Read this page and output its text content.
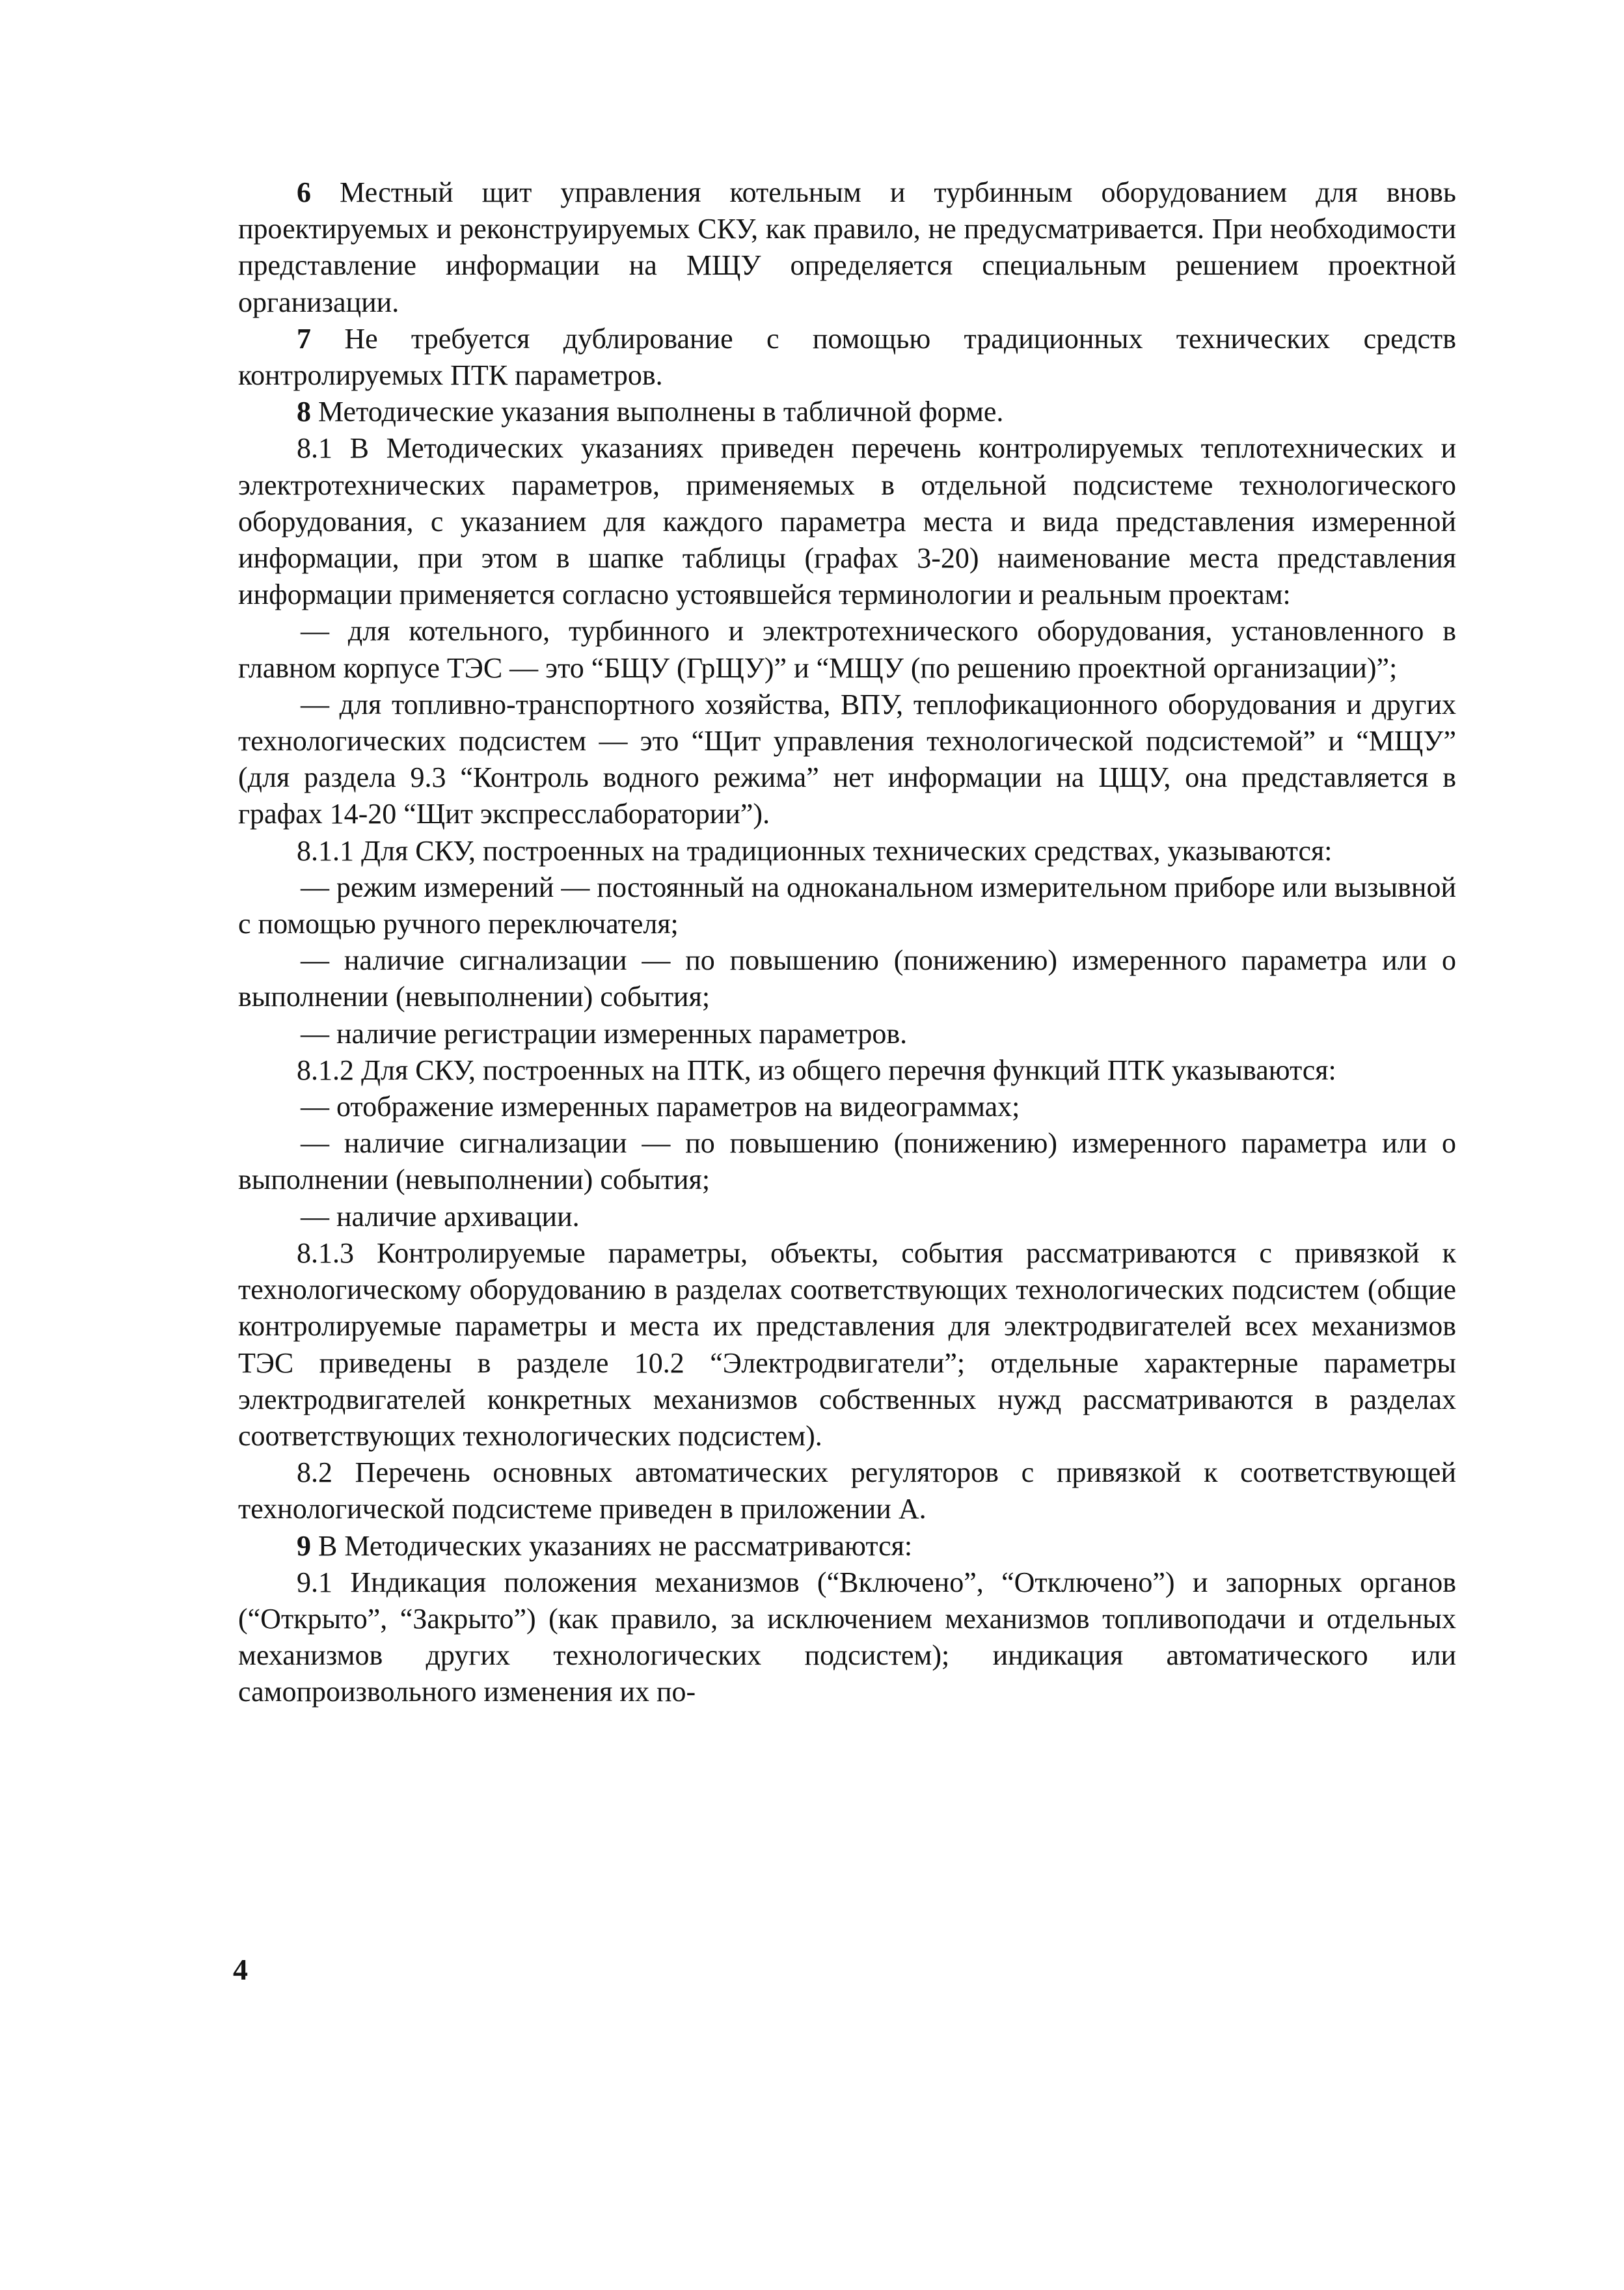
6 Местный щит управления котельным и турбинным оборудованием для вновь проектируемых и реконструируемых СКУ, как правило, не предусматривается. При необходимости представление информации на МЩУ определяется специальным решением проектной организации.

7 Не требуется дублирование с помощью традиционных технических средств контролируемых ПТК параметров.

8 Методические указания выполнены в табличной форме.

8.1 В Методических указаниях приведен перечень контролируемых теплотехнических и электротехнических параметров, применяемых в отдельной подсистеме технологического оборудования, с указанием для каждого параметра места и вида представления измеренной информации, при этом в шапке таблицы (графах 3-20) наименование места представления информации применяется согласно устоявшейся терминологии и реальным проектам:

— для котельного, турбинного и электротехнического оборудования, установленного в главном корпусе ТЭС — это “БЩУ (ГрЩУ)” и “МЩУ (по решению проектной организации)”;

— для топливно-транспортного хозяйства, ВПУ, теплофикационного оборудования и других технологических подсистем — это “Щит управления технологической подсистемой” и “МЩУ” (для раздела 9.3 “Контроль водного режима” нет информации на ЦЩУ, она представляется в графах 14-20 “Щит экспресслаборатории”).

8.1.1 Для СКУ, построенных на традиционных технических средствах, указываются:

— режим измерений — постоянный на одноканальном измерительном приборе или вызывной с помощью ручного переключателя;

— наличие сигнализации — по повышению (понижению) измеренного параметра или о выполнении (невыполнении) события;

— наличие регистрации измеренных параметров.

8.1.2 Для СКУ, построенных на ПТК, из общего перечня функций ПТК указываются:

— отображение измеренных параметров на видеограммах;

— наличие сигнализации — по повышению (понижению) измеренного параметра или о выполнении (невыполнении) события;

— наличие архивации.

8.1.3 Контролируемые параметры, объекты, события рассматриваются с привязкой к технологическому оборудованию в разделах соответствующих технологических подсистем (общие контролируемые параметры и места их представления для электродвигателей всех механизмов ТЭС приведены в разделе 10.2 “Электродвигатели”; отдельные характерные параметры электродвигателей конкретных механизмов собственных нужд рассматриваются в разделах соответствующих технологических подсистем).

8.2 Перечень основных автоматических регуляторов с привязкой к соответствующей технологической подсистеме приведен в приложении А.

9 В Методических указаниях не рассматриваются:

9.1 Индикация положения механизмов (“Включено”, “Отключено”) и запорных органов (“Открыто”, “Закрыто”) (как правило, за исключением механизмов топливоподачи и отдельных механизмов других технологических подсистем); индикация автоматического или самопроизвольного изменения их по-

4
